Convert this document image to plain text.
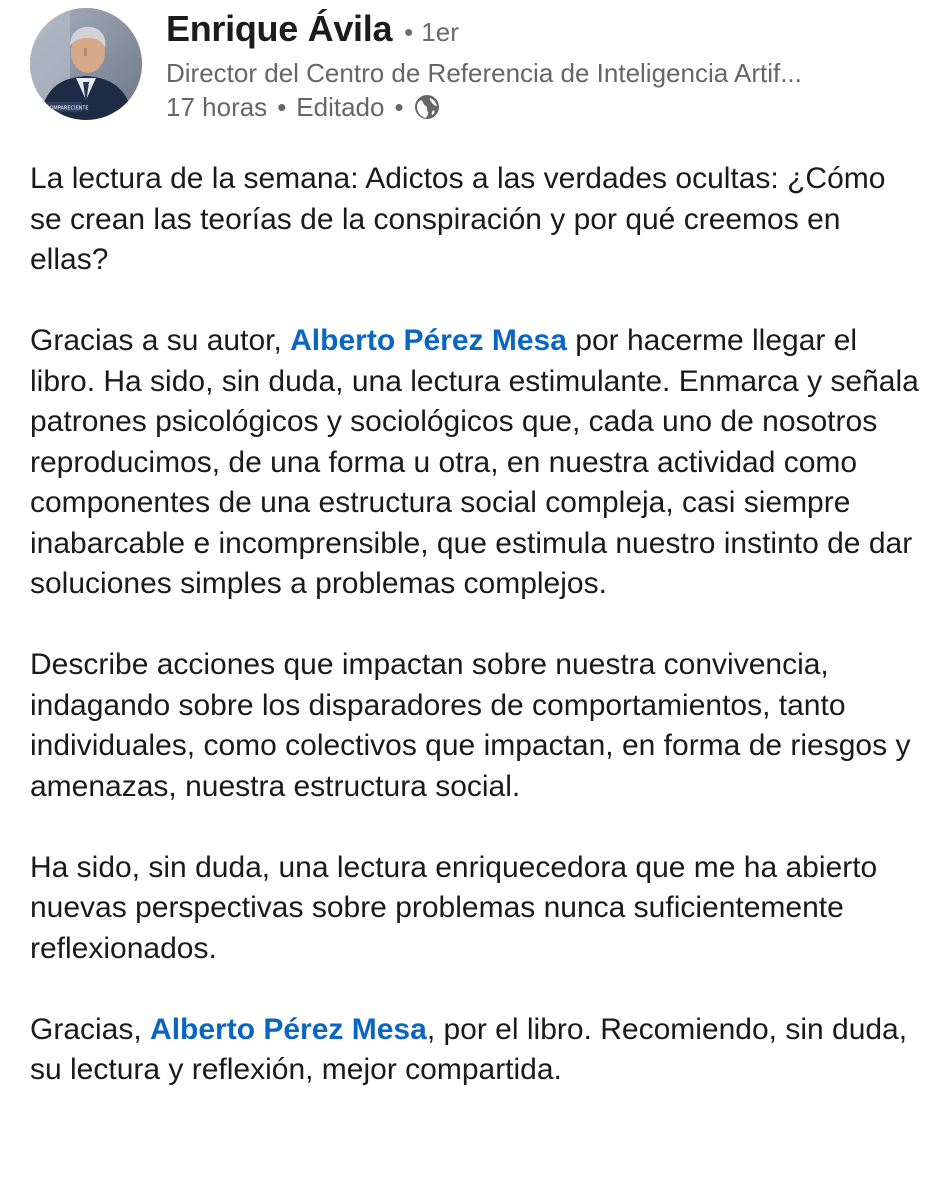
COMPARECIENTE
Enrique Ávila • 1er
Director del Centro de Referencia de Inteligencia Artif...
17 horas • Editado •

La lectura de la semana: Adictos a las verdades ocultas: ¿Cómo se crean las teorías de la conspiración y por qué creemos en ellas?

Gracias a su autor, Alberto Pérez Mesa por hacerme llegar el libro. Ha sido, sin duda, una lectura estimulante. Enmarca y señala patrones psicológicos y sociológicos que, cada uno de nosotros reproducimos, de una forma u otra, en nuestra actividad como componentes de una estructura social compleja, casi siempre inabarcable e incomprensible, que estimula nuestro instinto de dar soluciones simples a problemas complejos.

Describe acciones que impactan sobre nuestra convivencia, indagando sobre los disparadores de comportamientos, tanto individuales, como colectivos que impactan, en forma de riesgos y amenazas, nuestra estructura social.

Ha sido, sin duda, una lectura enriquecedora que me ha abierto nuevas perspectivas sobre problemas nunca suficientemente reflexionados.

Gracias, Alberto Pérez Mesa, por el libro. Recomiendo, sin duda, su lectura y reflexión, mejor compartida.
